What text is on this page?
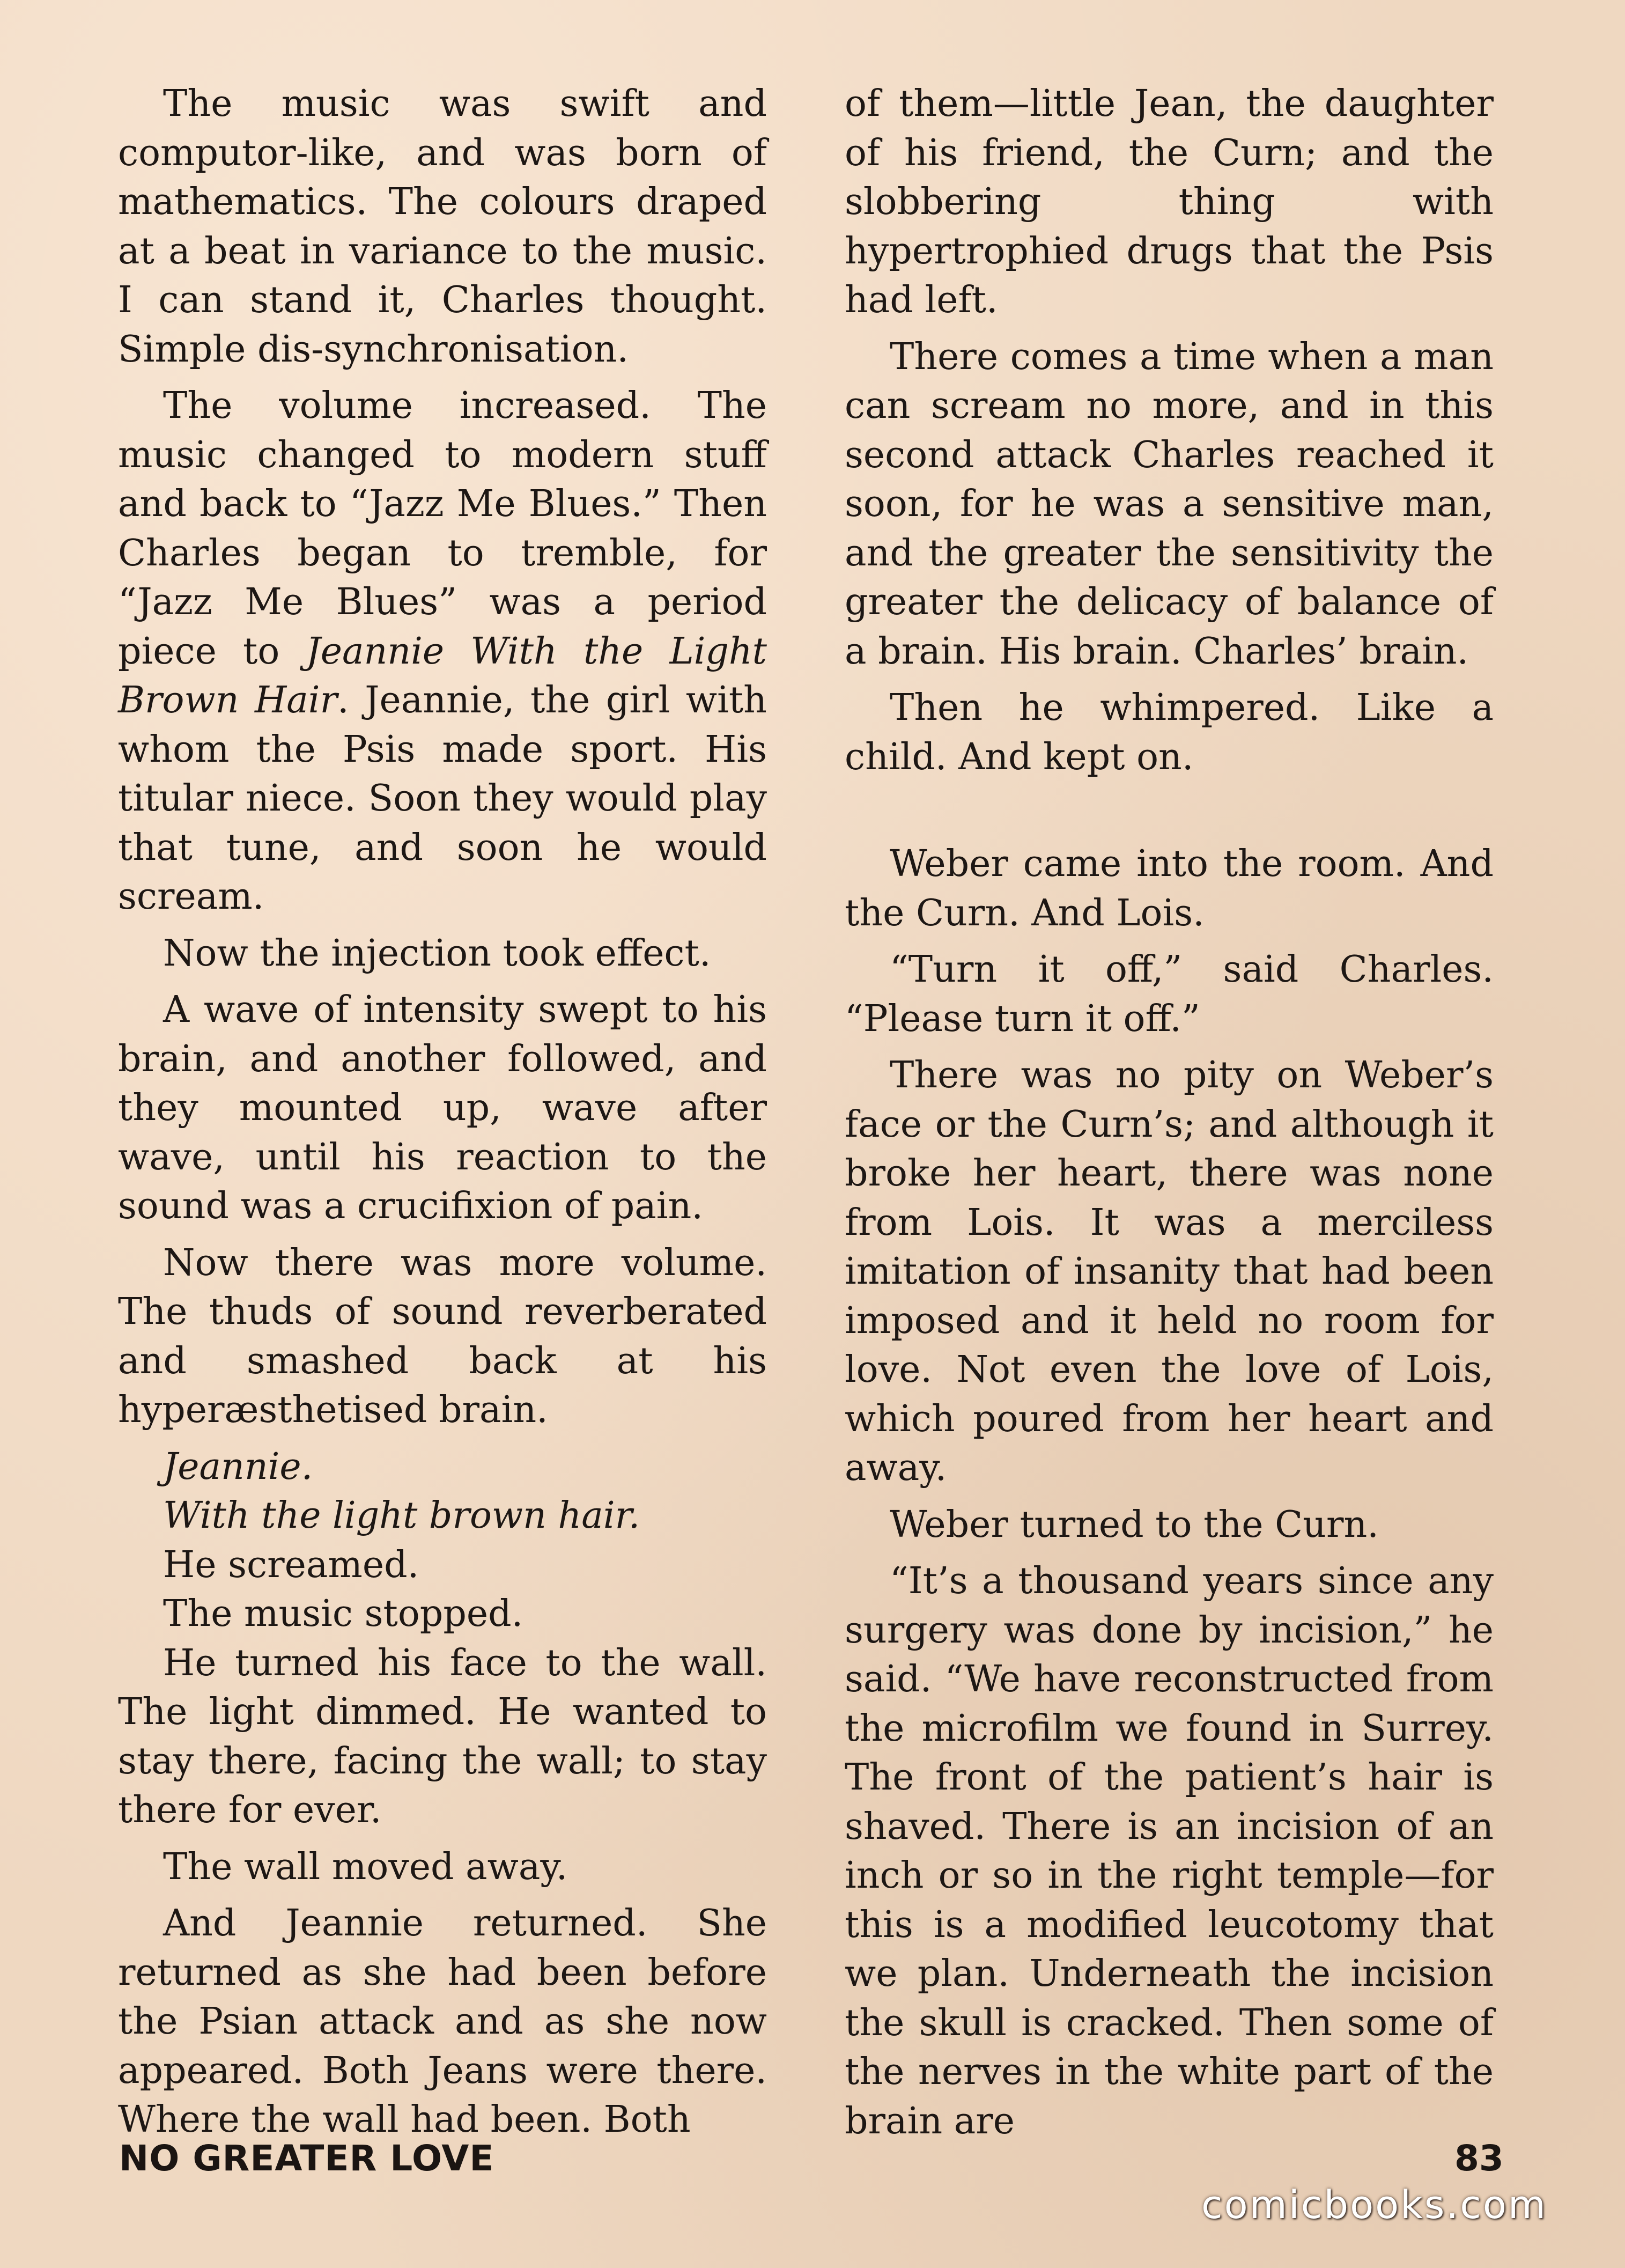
The music was swift and computor-like, and was born of mathematics. The colours draped at a beat in variance to the music. I can stand it, Charles thought. Simple dis-synchronisation.

The volume increased. The music changed to modern stuff and back to “Jazz Me Blues.” Then Charles began to tremble, for “Jazz Me Blues” was a period piece to Jeannie With the Light Brown Hair. Jeannie, the girl with whom the Psis made sport. His titular niece. Soon they would play that tune, and soon he would scream.

Now the injection took effect.

A wave of intensity swept to his brain, and another followed, and they mounted up, wave after wave, until his reaction to the sound was a crucifixion of pain.

Now there was more volume. The thuds of sound reverberated and smashed back at his hyperæsthetised brain.

Jeannie.

With the light brown hair.

He screamed.

The music stopped.

He turned his face to the wall. The light dimmed. He wanted to stay there, facing the wall; to stay there for ever.

The wall moved away.

And Jeannie returned. She returned as she had been before the Psian attack and as she now appeared. Both Jeans were there. Where the wall had been. Both

of them—little Jean, the daughter of his friend, the Curn; and the slobbering thing with hypertrophied drugs that the Psis had left.

There comes a time when a man can scream no more, and in this second attack Charles reached it soon, for he was a sensitive man, and the greater the sensitivity the greater the delicacy of balance of a brain. His brain. Charles’ brain.

Then he whimpered. Like a child. And kept on.

Weber came into the room. And the Curn. And Lois.

“Turn it off,” said Charles. “Please turn it off.”

There was no pity on Weber’s face or the Curn’s; and although it broke her heart, there was none from Lois. It was a merciless imitation of insanity that had been imposed and it held no room for love. Not even the love of Lois, which poured from her heart and away.

Weber turned to the Curn.

“It’s a thousand years since any surgery was done by incision,” he said. “We have reconstructed from the microfilm we found in Surrey. The front of the patient’s hair is shaved. There is an incision of an inch or so in the right temple—for this is a modified leucotomy that we plan. Underneath the incision the skull is cracked. Then some of the nerves in the white part of the brain are

NO GREATER LOVE	83
comicbooks.com
